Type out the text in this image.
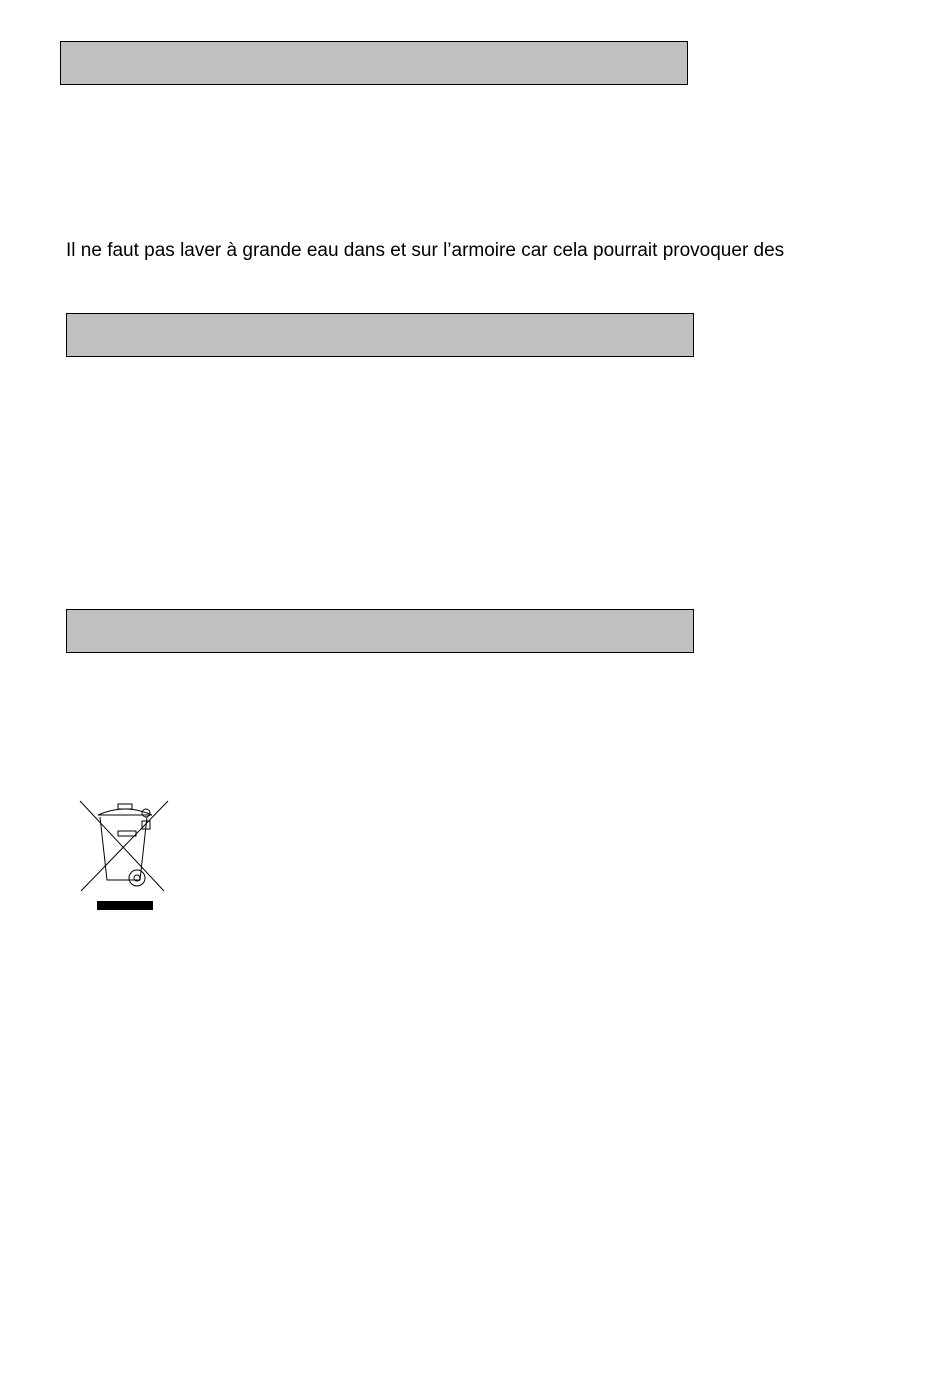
Il ne faut pas laver à grande eau dans et sur l’armoire car cela pourrait provoquer des
